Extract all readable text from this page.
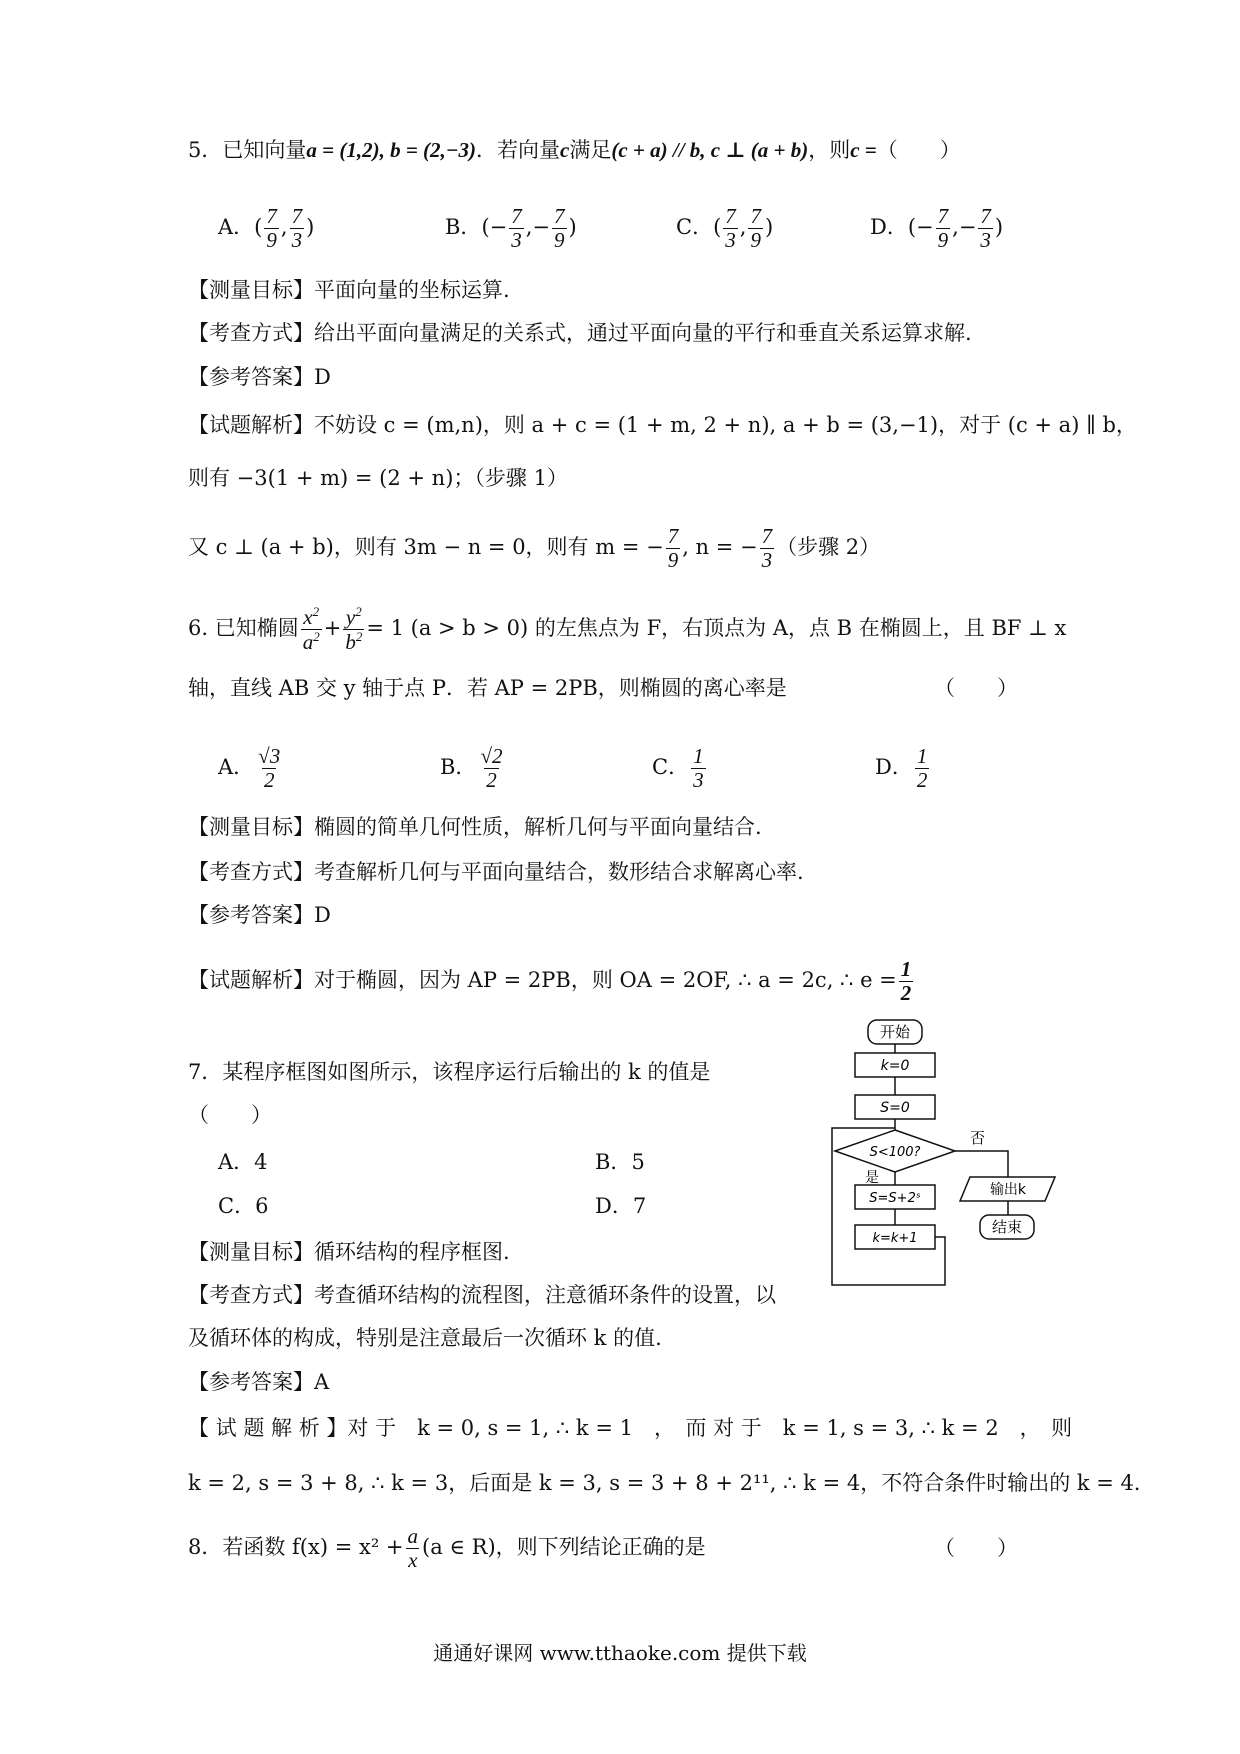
5．已知向量a = (1,2), b = (2,−3)．若向量c满足(c + a) // b, c ⊥ (a + b)，则c =（　　）
A．( $\frac{7}{9}$ , $\frac{7}{3}$ )	B．(− $\frac{7}{3}$ ,− $\frac{7}{9}$ )	C．( $\frac{7}{3}$ , $\frac{7}{9}$ )	D．(− $\frac{7}{9}$ ,− $\frac{7}{3}$ )
【测量目标】平面向量的坐标运算.
【考查方式】给出平面向量满足的关系式，通过平面向量的平行和垂直关系运算求解.
【参考答案】D
【试题解析】不妨设 c = (m,n)，则 a + c = (1 + m, 2 + n), a + b = (3,−1)，对于 (c + a) ∥ b，
则有 −3(1 + m) = (2 + n)；（步骤 1）
又 c ⊥ (a + b)，则有 3m − n = 0，则有 m = − $\frac{7}{9}$ , n = − $\frac{7}{3}$ （步骤 2）
6. 已知椭圆 $\frac{x^2}{a^2} + \frac{y^2}{b^2} = 1$ (a > b > 0) 的左焦点为 F，右顶点为 A，点 B 在椭圆上，且 BF ⊥ x
轴，直线 AB 交 y 轴于点 P．若 AP = 2PB，则椭圆的离心率是	（　　）
A． $\frac{√3}{2}$	B． $\frac{√2}{2}$	C． $\frac{1}{3}$	D． $\frac{1}{2}$
【测量目标】椭圆的简单几何性质，解析几何与平面向量结合.
【考查方式】考查解析几何与平面向量结合，数形结合求解离心率.
【参考答案】D
【试题解析】对于椭圆，因为 AP = 2PB，则 OA = 2OF, ∴ a = 2c, ∴ $e = \frac{1}{2}$
7．某程序框图如图所示，该程序运行后输出的 k 的值是
（　　）
A．4	B．5
C．6	D．7
【测量目标】循环结构的程序框图.
【考查方式】考查循环结构的流程图，注意循环条件的设置，以
及循环体的构成，特别是注意最后一次循环 k 的值.
【参考答案】A
【 试 题 解 析 】对 于　k = 0, s = 1, ∴ k = 1　，　而 对 于　k = 1, s = 3, ∴ k = 2　，　则
k = 2, s = 3 + 8, ∴ k = 3，后面是 k = 3, s = 3 + 8 + 2¹¹, ∴ k = 4，不符合条件时输出的 k = 4．
开始
k=0
S=0
S<100?
是
否
S=S+2ˢ
k=k+1
输出k
结束
8．若函数 $f(x) = x^2 + \frac{a}{x} (a$ ∈ R)，则下列结论正确的是	（　　）
通通好课网 www.tthaoke.com 提供下载
